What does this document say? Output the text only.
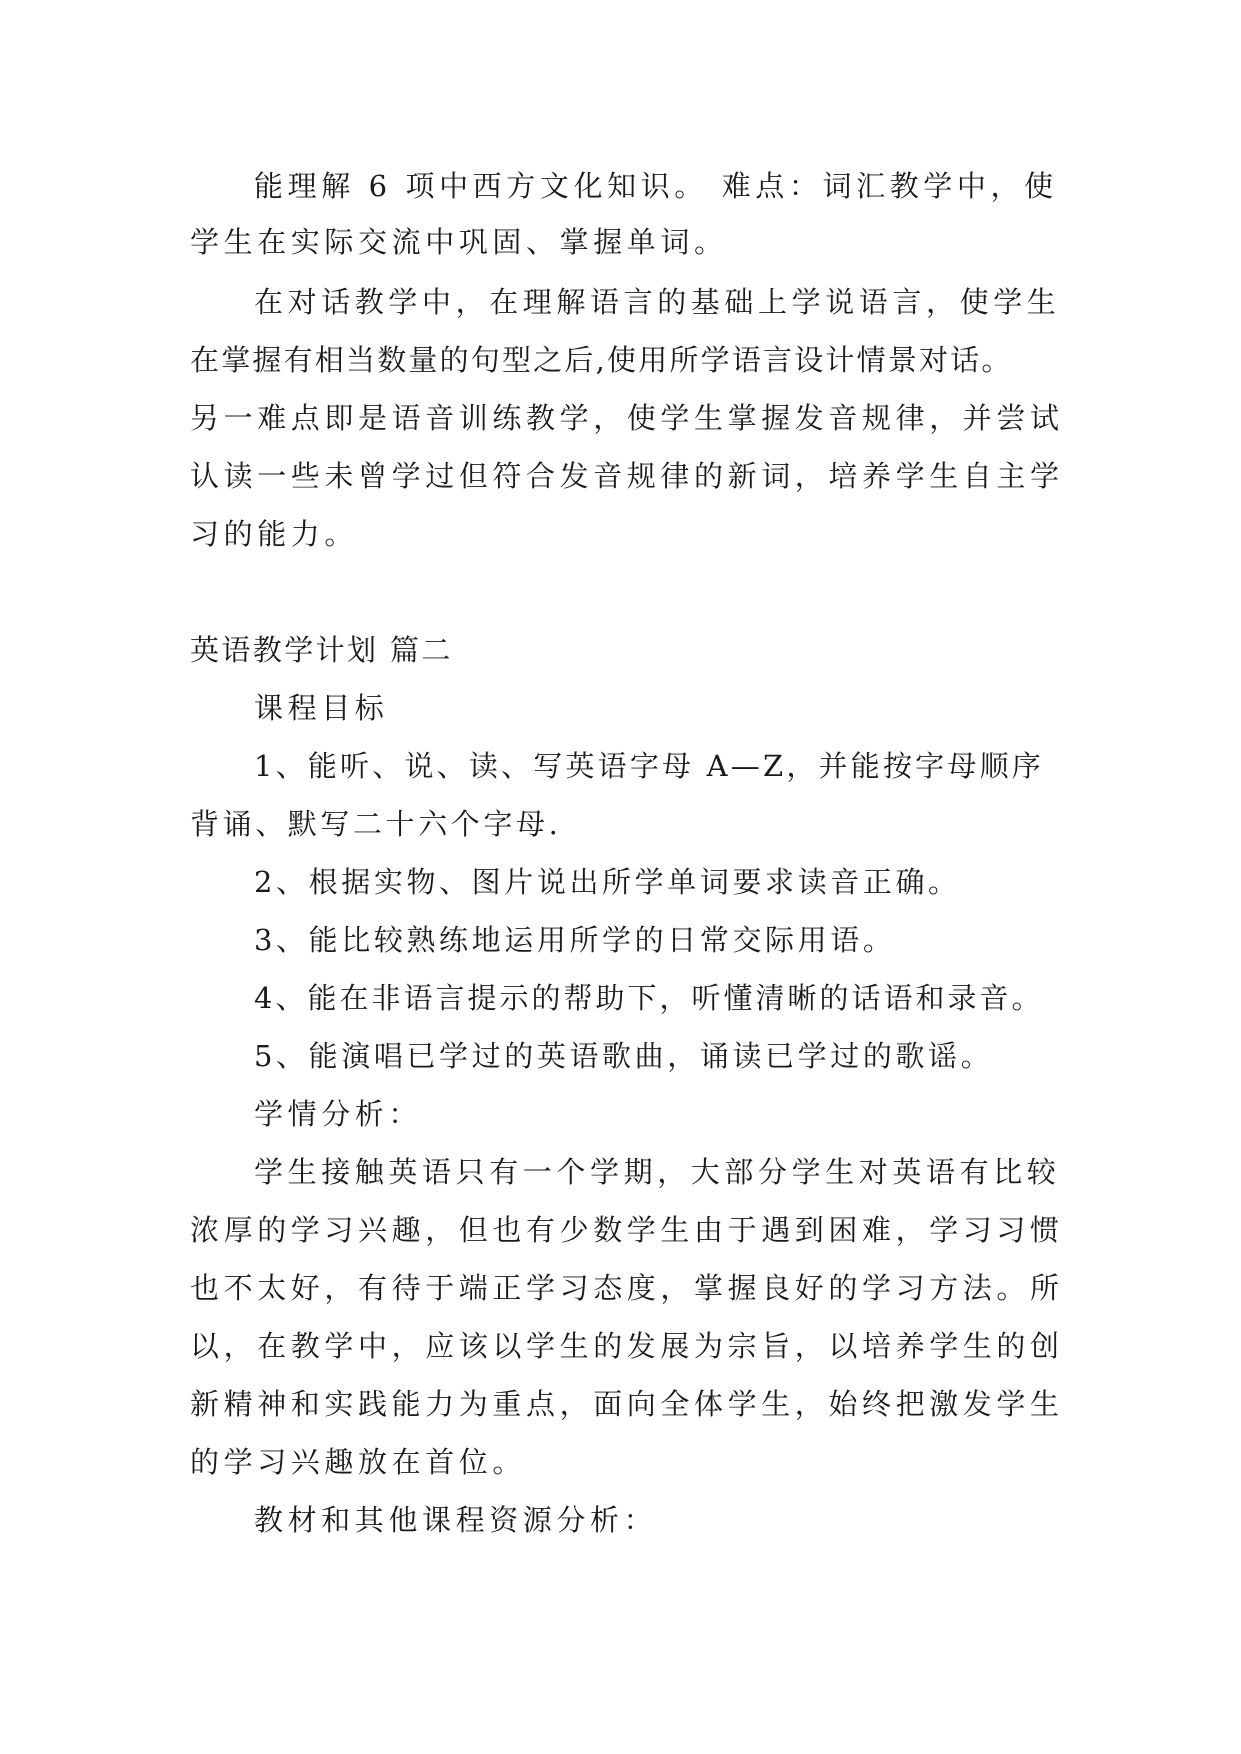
能理解 6 项中西方文化知识。 难点：词汇教学中，使
学生在实际交流中巩固、掌握单词。
在对话教学中，在理解语言的基础上学说语言，使学生
在掌握有相当数量的句型之后,使用所学语言设计情景对话。
另一难点即是语音训练教学，使学生掌握发音规律，并尝试
认读一些未曾学过但符合发音规律的新词，培养学生自主学
习的能力。
英语教学计划 篇二
课程目标
1、能听、说、读、写英语字母 A—Z，并能按字母顺序
背诵、默写二十六个字母.
2、根据实物、图片说出所学单词要求读音正确。
3、能比较熟练地运用所学的日常交际用语。
4、能在非语言提示的帮助下，听懂清晰的话语和录音。
5、能演唱已学过的英语歌曲，诵读已学过的歌谣。
学情分析：
学生接触英语只有一个学期，大部分学生对英语有比较
浓厚的学习兴趣，但也有少数学生由于遇到困难，学习习惯
也不太好，有待于端正学习态度，掌握良好的学习方法。所
以，在教学中，应该以学生的发展为宗旨，以培养学生的创
新精神和实践能力为重点，面向全体学生，始终把激发学生
的学习兴趣放在首位。
教材和其他课程资源分析：
